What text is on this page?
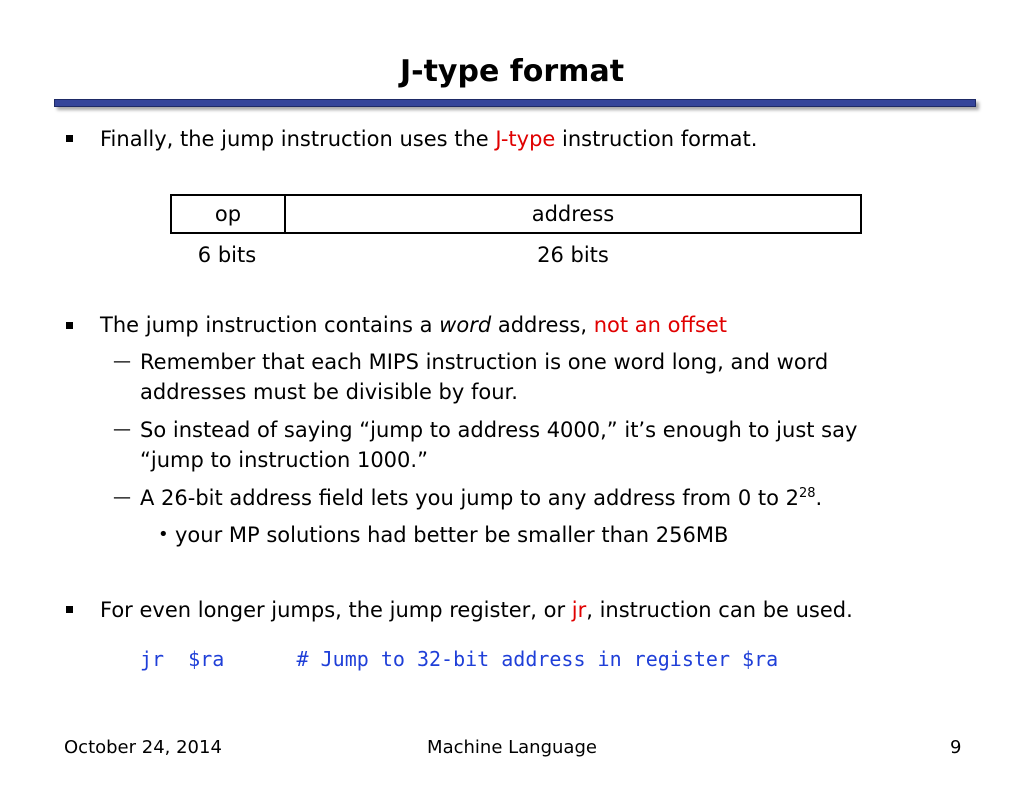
J-type format
Finally, the jump instruction uses the J-type instruction format.
op	address
6 bits	26 bits
The jump instruction contains a word address, not an offset
— Remember that each MIPS instruction is one word long, and word
addresses must be divisible by four.
— So instead of saying “jump to address 4000,” it’s enough to just say
“jump to instruction 1000.”
— A 26-bit address field lets you jump to any address from 0 to $2^{28}$.
• your MP solutions had better be smaller than 256MB
For even longer jumps, the jump register, or jr, instruction can be used.
jr  $ra      # Jump to 32-bit address in register $ra
October 24, 2014	Machine Language	9
